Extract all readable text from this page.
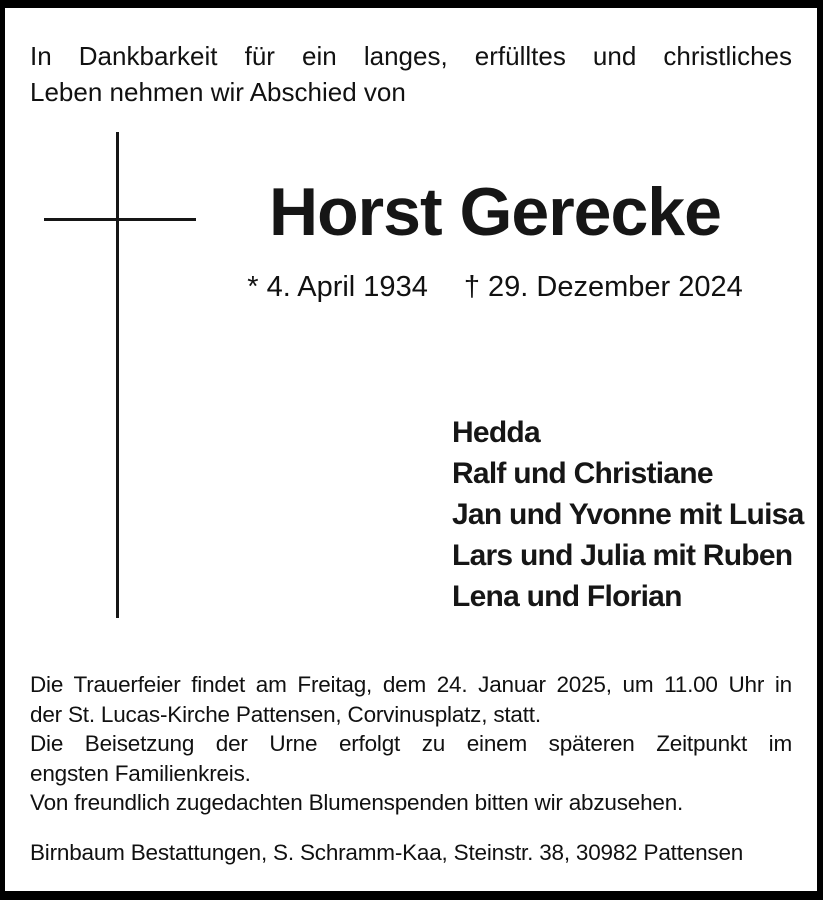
In Dankbarkeit für ein langes, erfülltes und christliches
Leben nehmen wir Abschied von
Horst Gerecke
* 4. April 1934 † 29. Dezember 2024
Hedda
Ralf und Christiane
Jan und Yvonne mit Luisa
Lars und Julia mit Ruben
Lena und Florian
Die Trauerfeier findet am Freitag, dem 24. Januar 2025, um 11.00 Uhr in
der St. Lucas-Kirche Pattensen, Corvinusplatz, statt.
Die Beisetzung der Urne erfolgt zu einem späteren Zeitpunkt im
engsten Familienkreis.
Von freundlich zugedachten Blumenspenden bitten wir abzusehen.
Birnbaum Bestattungen, S. Schramm-Kaa, Steinstr. 38, 30982 Pattensen
